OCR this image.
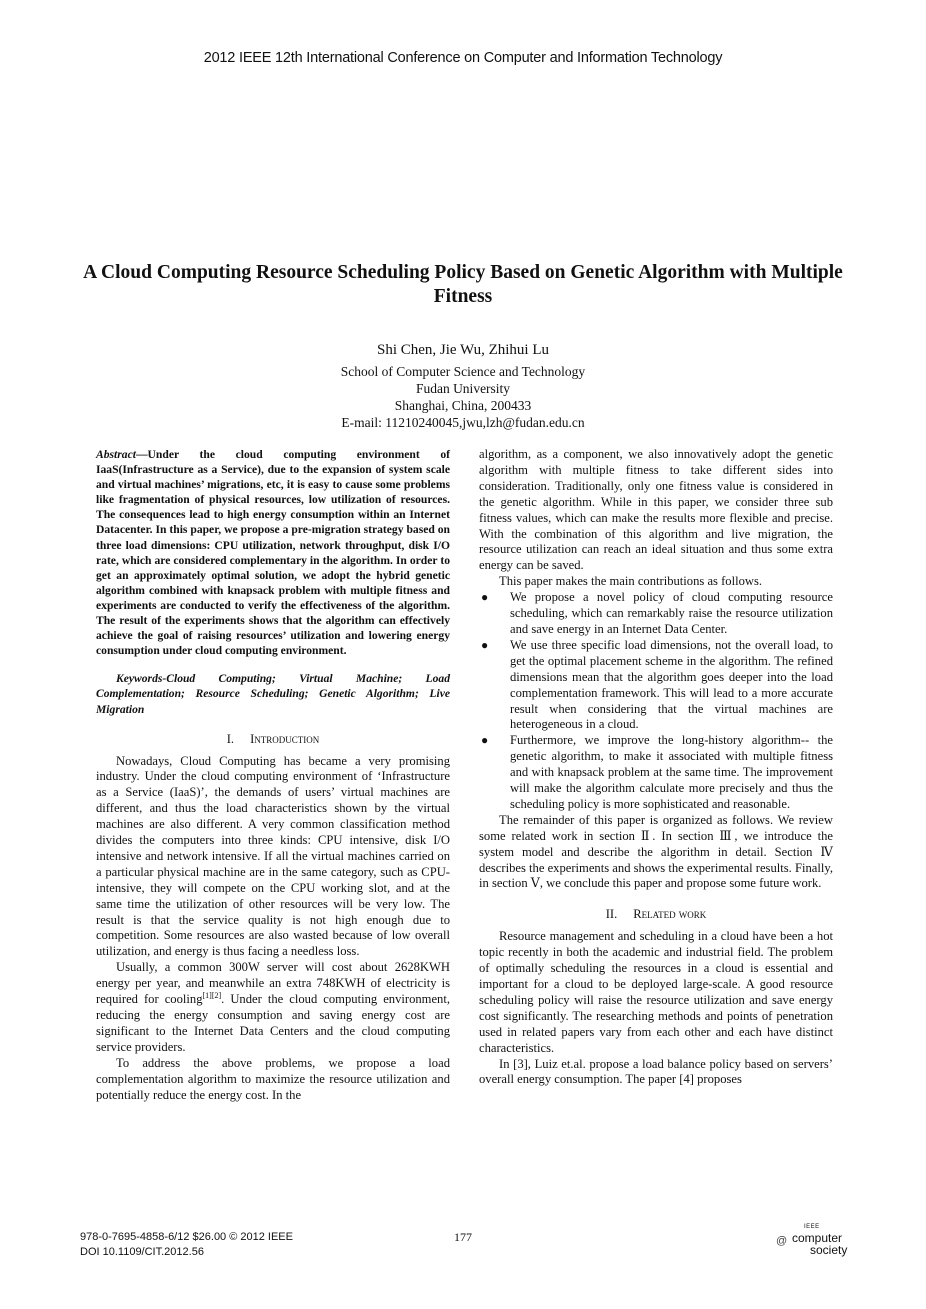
2012 IEEE 12th International Conference on Computer and Information Technology
A Cloud Computing Resource Scheduling Policy Based on Genetic Algorithm with Multiple Fitness
Shi Chen, Jie Wu, Zhihui Lu
School of Computer Science and Technology
Fudan University
Shanghai, China, 200433
E-mail: 11210240045,jwu,lzh@fudan.edu.cn

Abstract—Under the cloud computing environment of IaaS(Infrastructure as a Service), due to the expansion of system scale and virtual machines’ migrations, etc, it is easy to cause some problems like fragmentation of physical resources, low utilization of resources. The consequences lead to high energy consumption within an Internet Datacenter. In this paper, we propose a pre-migration strategy based on three load dimensions: CPU utilization, network throughput, disk I/O rate, which are considered complementary in the algorithm. In order to get an approximately optimal solution, we adopt the hybrid genetic algorithm combined with knapsack problem with multiple fitness and experiments are conducted to verify the effectiveness of the algorithm. The result of the experiments shows that the algorithm can effectively achieve the goal of raising resources’ utilization and lowering energy consumption under cloud computing environment.

Keywords-Cloud Computing; Virtual Machine; Load Complementation; Resource Scheduling; Genetic Algorithm; Live Migration

I. Introduction

Nowadays, Cloud Computing has became a very promising industry. Under the cloud computing environment of ‘Infrastructure as a Service (IaaS)’, the demands of users’ virtual machines are different, and thus the load characteristics shown by the virtual machines are also different. A very common classification method divides the computers into three kinds: CPU intensive, disk I/O intensive and network intensive. If all the virtual machines carried on a particular physical machine are in the same category, such as CPU-intensive, they will compete on the CPU working slot, and at the same time the utilization of other resources will be very low. The result is that the service quality is not high enough due to competition. Some resources are also wasted because of low overall utilization, and energy is thus facing a needless loss.

Usually, a common 300W server will cost about 2628KWH energy per year, and meanwhile an extra 748KWH of electricity is required for cooling[1][2]. Under the cloud computing environment, reducing the energy consumption and saving energy cost are significant to the Internet Data Centers and the cloud computing service providers.

To address the above problems, we propose a load complementation algorithm to maximize the resource utilization and potentially reduce the energy cost. In the

algorithm, as a component, we also innovatively adopt the genetic algorithm with multiple fitness to take different sides into consideration. Traditionally, only one fitness value is considered in the genetic algorithm. While in this paper, we consider three sub fitness values, which can make the results more flexible and precise. With the combination of this algorithm and live migration, the resource utilization can reach an ideal situation and thus some extra energy can be saved.

This paper makes the main contributions as follows.

● We propose a novel policy of cloud computing resource scheduling, which can remarkably raise the resource utilization and save energy in an Internet Data Center.
● We use three specific load dimensions, not the overall load, to get the optimal placement scheme in the algorithm. The refined dimensions mean that the algorithm goes deeper into the load complementation framework. This will lead to a more accurate result when considering that the virtual machines are heterogeneous in a cloud.
● Furthermore, we improve the long-history algorithm-- the genetic algorithm, to make it associated with multiple fitness and with knapsack problem at the same time. The improvement will make the algorithm calculate more precisely and thus the scheduling policy is more sophisticated and reasonable.

The remainder of this paper is organized as follows. We review some related work in section Ⅱ. In section Ⅲ, we introduce the system model and describe the algorithm in detail. Section Ⅳ describes the experiments and shows the experimental results. Finally, in section Ⅴ, we conclude this paper and propose some future work.

II. Related work

Resource management and scheduling in a cloud have been a hot topic recently in both the academic and industrial field. The problem of optimally scheduling the resources in a cloud is essential and important for a cloud to be deployed large-scale. A good resource scheduling policy will raise the resource utilization and save energy cost significantly. The researching methods and points of penetration used in related papers vary from each other and each have distinct characteristics.

In [3], Luiz et.al. propose a load balance policy based on servers’ overall energy consumption. The paper [4] proposes

978-0-7695-4858-6/12 $26.00 © 2012 IEEE
DOI 10.1109/CIT.2012.56
177
IEEE
@ computer
society
